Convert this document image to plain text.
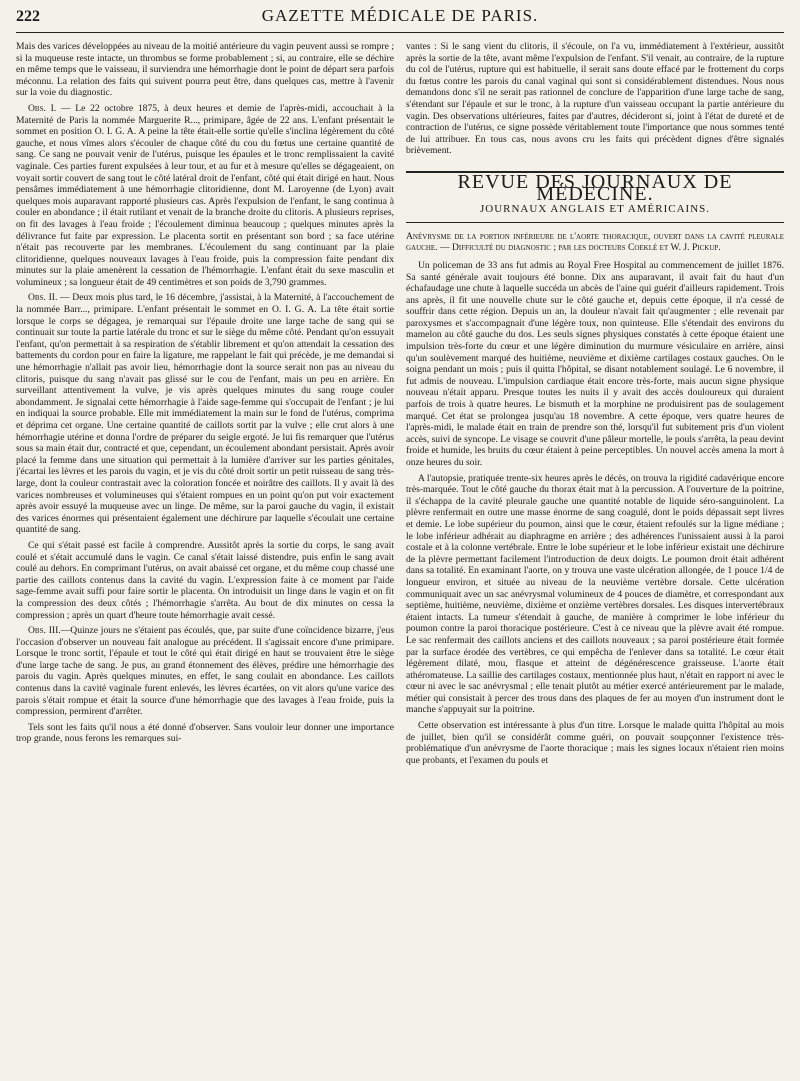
222	GAZETTE MÉDICALE DE PARIS.

Mais des varices développées au niveau de la moitié antérieure du vagin peuvent aussi se rompre ; si la muqueuse reste intacte, un thrombus se forme probablement ; si, au contraire, elle se déchire en même temps que le vaisseau, il surviendra une hémorrhagie dont le point de départ sera parfois méconnu. La relation des faits qui suivent pourra peut être, dans quelques cas, mettre à l'avenir sur la voie du diagnostic.

Obs. I. — Le 22 octobre 1875, à deux heures et demie de l'après-midi, accouchait à la Maternité de Paris la nommée Marguerite R..., primipare, âgée de 22 ans. L'enfant présentait le sommet en position O. I. G. A. A peine la tête était-elle sortie qu'elle s'inclina légèrement du côté gauche, et nous vîmes alors s'écouler de chaque côté du cou du fœtus une certaine quantité de sang. Ce sang ne pouvait venir de l'utérus, puisque les épaules et le tronc remplissaient la cavité vaginale. Ces parties furent expulsées à leur tour, et au fur et à mesure qu'elles se dégageaient, on voyait sortir couvert de sang tout le côté latéral droit de l'enfant, côté qui était dirigé en haut. Nous pensâmes immédiatement à une hémorrhagie clitoridienne, dont M. Laroyenne (de Lyon) avait quelques mois auparavant rapporté plusieurs cas. Après l'expulsion de l'enfant, le sang continua à couler en abondance ; il était rutilant et venait de la branche droite du clitoris. A plusieurs reprises, on fit des lavages à l'eau froide ; l'écoulement diminua beaucoup ; quelques minutes après la délivrance fut faite par expression. Le placenta sortit en présentant son bord ; sa face utérine n'était pas recouverte par les membranes. L'écoulement du sang continuant par la plaie clitoridienne, quelques nouveaux lavages à l'eau froide, puis la compression faite pendant dix minutes sur la plaie amenèrent la cessation de l'hémorrhagie. L'enfant était du sexe masculin et volumineux ; sa longueur était de 49 centimètres et son poids de 3,790 grammes.

Obs. II. — Deux mois plus tard, le 16 décembre, j'assistai, à la Maternité, à l'accouchement de la nommée Barr..., primipare. L'enfant présentait le sommet en O. I. G. A. La tête était sortie lorsque le corps se dégagea, je remarquai sur l'épaule droite une large tache de sang qui se continuait sur toute la partie latérale du tronc et sur le siège du même côté. Pendant qu'on essuyait l'enfant, qu'on permettait à sa respiration de s'établir librement et qu'on attendait la cessation des battements du cordon pour en faire la ligature, me rappelant le fait qui précède, je me demandai si une hémorrhagie n'allait pas avoir lieu, hémorrhagie dont la source serait non pas au niveau du clitoris, puisque du sang n'avait pas glissé sur le cou de l'enfant, mais un peu en arrière. En surveillant attentivement la vulve, je vis après quelques minutes du sang rouge couler abondamment. Je signalai cette hémorrhagie à l'aide sage-femme qui s'occupait de l'enfant ; je lui en indiquai la source probable. Elle mit immédiatement la main sur le fond de l'utérus, comprima et déprima cet organe. Une certaine quantité de caillots sortit par la vulve ; elle crut alors à une hémorrhagie utérine et donna l'ordre de préparer du seigle ergoté. Je lui fis remarquer que l'utérus sous sa main était dur, contracté et que, cependant, un écoulement abondant persistait. Après avoir placé la femme dans une situation qui permettait à la lumière d'arriver sur les parties génitales, j'écartai les lèvres et les parois du vagin, et je vis du côté droit sortir un petit ruisseau de sang très-large, dont la couleur contrastait avec la coloration foncée et noirâtre des caillots. Il y avait là des varices nombreuses et volumineuses qui s'étaient rompues en un point qu'on put voir exactement après avoir essuyé la muqueuse avec un linge. De même, sur la paroi gauche du vagin, il existait des varices énormes qui présentaient également une déchirure par laquelle s'écoulait une certaine quantité de sang.

Ce qui s'était passé est facile à comprendre. Aussitôt après la sortie du corps, le sang avait coulé et s'était accumulé dans le vagin. Ce canal s'était laissé distendre, puis enfin le sang avait coulé au dehors. En comprimant l'utérus, on avait abaissé cet organe, et du même coup chassé une partie des caillots contenus dans la cavité du vagin. L'expression faite à ce moment par l'aide sage-femme avait suffi pour faire sortir le placenta. On introduisit un linge dans le vagin et on fit la compression des deux côtés ; l'hémorrhagie s'arrêta. Au bout de dix minutes on cessa la compression ; après un quart d'heure toute hémorrhagie avait cessé.

Obs. III.—Quinze jours ne s'étaient pas écoulés, que, par suite d'une coïncidence bizarre, j'eus l'occasion d'observer un nouveau fait analogue au précédent. Il s'agissait encore d'une primipare. Lorsque le tronc sortit, l'épaule et tout le côté qui était dirigé en haut se trouvaient être le siège d'une large tache de sang. Je pus, au grand étonnement des élèves, prédire une hémorrhagie des parois du vagin. Après quelques minutes, en effet, le sang coulait en abondance. Les caillots contenus dans la cavité vaginale furent enlevés, les lèvres écartées, on vit alors qu'une varice des parois s'était rompue et était la source d'une hémorrhagie que des lavages à l'eau froide, puis la compression, permirent d'arrêter.

Tels sont les faits qu'il nous a été donné d'observer. Sans vouloir leur donner une importance trop grande, nous ferons les remarques sui-

vantes : Si le sang vient du clitoris, il s'écoule, on l'a vu, immédiatement à l'extérieur, aussitôt après la sortie de la tête, avant même l'expulsion de l'enfant. S'il venait, au contraire, de la rupture du col de l'utérus, rupture qui est habituelle, il serait sans doute effacé par le frottement du corps du fœtus contre les parois du canal vaginal qui sont si considérablement distendues. Nous nous demandons donc s'il ne serait pas rationnel de conclure de l'apparition d'une large tache de sang, s'étendant sur l'épaule et sur le tronc, à la rupture d'un vaisseau occupant la partie antérieure du vagin. Des observations ultérieures, faites par d'autres, décideront si, joint à l'état de dureté et de contraction de l'utérus, ce signe possède véritablement toute l'importance que nous sommes tenté de lui attribuer. En tous cas, nous avons cru les faits qui précèdent dignes d'être signalés brièvement.

REVUE DES JOURNAUX DE MÉDECINE.
JOURNAUX ANGLAIS ET AMÉRICAINS.
Anévrysme de la portion inférieure de l'aorte thoracique, ouvert dans la cavité pleurale gauche. — Difficulté du diagnostic ; par les docteurs Coeklé et W. J. Pickup.

Un policeman de 33 ans fut admis au Royal Free Hospital au commencement de juillet 1876. Sa santé générale avait toujours été bonne. Dix ans auparavant, il avait fait du haut d'un échafaudage une chute à laquelle succéda un abcès de l'aine qui guérit d'ailleurs rapidement. Trois ans après, il fit une nouvelle chute sur le côté gauche et, depuis cette époque, il n'a cessé de souffrir dans cette région. Depuis un an, la douleur n'avait fait qu'augmenter ; elle revenait par paroxysmes et s'accompagnait d'une légère toux, non quinteuse. Elle s'étendait des environs du mamelon au côté gauche du dos. Les seuls signes physiques constatés à cette époque étaient une impulsion très-forte du cœur et une légère diminution du murmure vésiculaire en arrière, ainsi qu'un soulèvement marqué des huitième, neuvième et dixième cartilages costaux gauches. On le soigna pendant un mois ; puis il quitta l'hôpital, se disant notablement soulagé. Le 6 novembre, il fut admis de nouveau. L'impulsion cardiaque était encore très-forte, mais aucun signe physique nouveau n'était apparu. Presque toutes les nuits il y avait des accès douloureux qui duraient parfois de trois à quatre heures. Le bismuth et la morphine ne produisirent pas de soulagement marqué. Cet état se prolongea jusqu'au 18 novembre. A cette époque, vers quatre heures de l'après-midi, le malade était en train de prendre son thé, lorsqu'il fut subitement pris d'un violent accès, suivi de syncope. Le visage se couvrit d'une pâleur mortelle, le pouls s'arrêta, la peau devint froide et humide, les bruits du cœur étaient à peine perceptibles. Un nouvel accès amena la mort à onze heures du soir.

A l'autopsie, pratiquée trente-six heures après le décès, on trouva la rigidité cadavérique encore très-marquée. Tout le côté gauche du thorax était mat à la percussion. A l'ouverture de la poitrine, il s'échappa de la cavité pleurale gauche une quantité notable de liquide séro-sanguinolent. La plèvre renfermait en outre une masse énorme de sang coagulé, dont le poids dépassait sept livres et demie. Le lobe supérieur du poumon, ainsi que le cœur, étaient refoulés sur la ligne médiane ; le lobe inférieur adhérait au diaphragme en arrière ; des adhérences l'unissaient aussi à la paroi costale et à la colonne vertébrale. Entre le lobe supérieur et le lobe inférieur existait une déchirure de la plèvre permettant facilement l'introduction de deux doigts. Le poumon droit était adhérent dans sa totalité. En examinant l'aorte, on y trouva une vaste ulcération allongée, de 1 pouce 1/4 de longueur environ, et située au niveau de la neuvième vertèbre dorsale. Cette ulcération communiquait avec un sac anévrysmal volumineux de 4 pouces de diamètre, et correspondant aux septième, huitième, neuvième, dixième et onzième vertèbres dorsales. Les disques intervertébraux étaient intacts. La tumeur s'étendait à gauche, de manière à comprimer le lobe inférieur du poumon contre la paroi thoracique postérieure. C'est à ce niveau que la plèvre avait été rompue. Le sac renfermait des caillots anciens et des caillots nouveaux ; sa paroi postérieure était formée par la surface érodée des vertèbres, ce qui empêcha de l'enlever dans sa totalité. Le cœur était légèrement dilaté, mou, flasque et atteint de dégénérescence graisseuse. L'aorte était athéromateuse. La saillie des cartilages costaux, mentionnée plus haut, n'était en rapport ni avec le cœur ni avec le sac anévrysmal ; elle tenait plutôt au métier exercé antérieurement par le malade, métier qui consistait à percer des trous dans des plaques de fer au moyen d'un instrument dont le manche s'appuyait sur la poitrine.

Cette observation est intéressante à plus d'un titre. Lorsque le malade quitta l'hôpital au mois de juillet, bien qu'il se considérât comme guéri, on pouvait soupçonner l'existence très-problématique d'un anévrysme de l'aorte thoracique ; mais les signes locaux n'étaient rien moins que probants, et l'examen du pouls et
